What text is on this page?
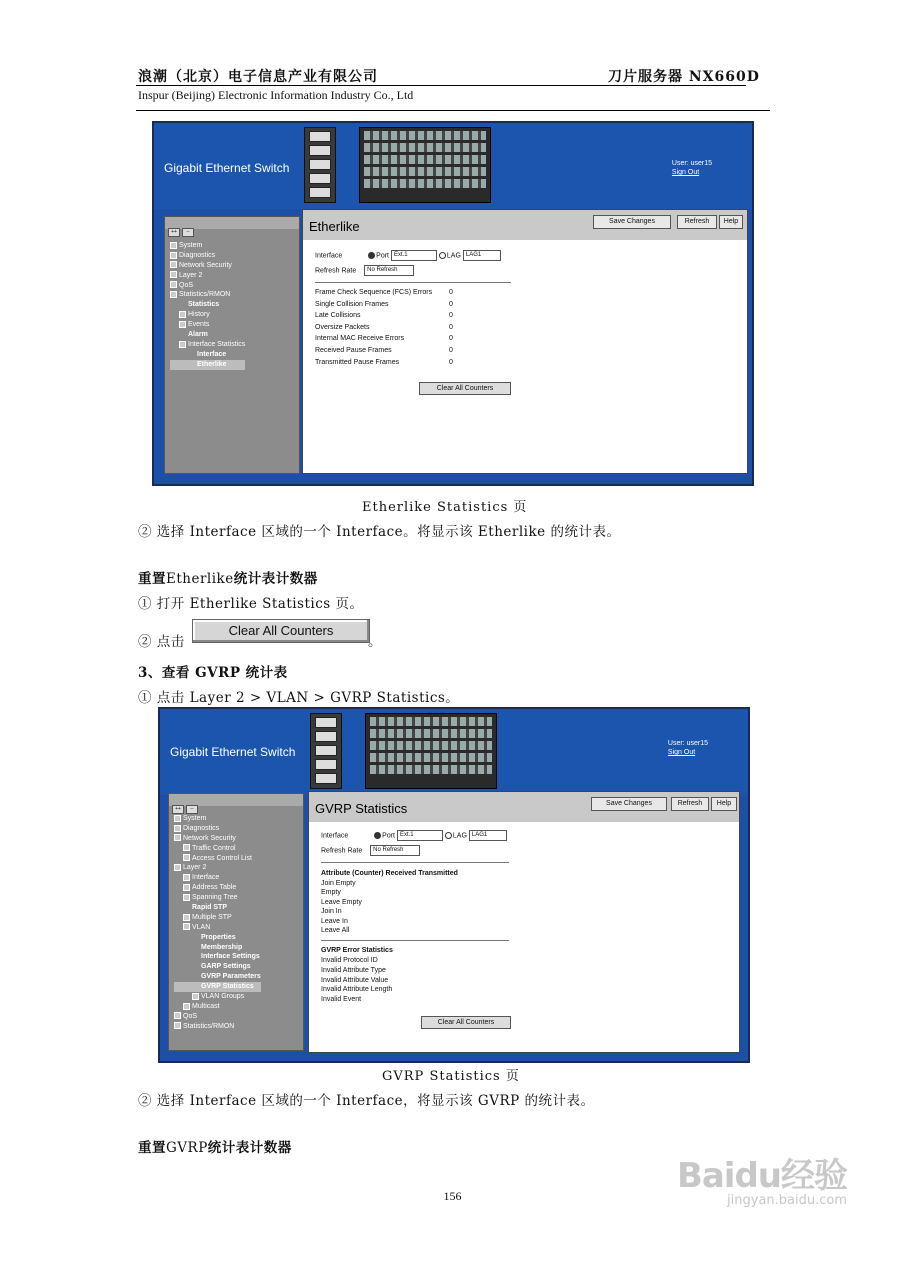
浪潮（北京）电子信息产业有限公司	刀片服务器 NX660D
Inspur (Beijing) Electronic Information Industry Co., Ltd
Gigabit Ethernet Switch	User: user15
Sign Out
++ --
System
Diagnostics
Network Security
Layer 2
QoS
Statistics/RMON
Statistics
History
Events
Alarm
Interface Statistics
Interface
Etherlike
Etherlike	Save Changes	Refresh	Help
Interface	Port Ext.1	LAG LAG1
Refresh Rate No Refresh
Frame Check Sequence (FCS) Errors 0
Single Collision Frames	0
Late Collisions	0
Oversize Packets	0
Internal MAC Receive Errors	0
Received Pause Frames	0
Transmitted Pause Frames	0
Clear All Counters
Etherlike Statistics 页
② 选择 Interface 区域的一个 Interface。将显示该 Etherlike 的统计表。
重置Etherlike统计表计数器
① 打开 Etherlike Statistics 页。
② 点击
Clear All Counters
。
3、查看 GVRP 统计表
① 点击 Layer 2 > VLAN > GVRP Statistics。
Gigabit Ethernet Switch
User: user15
Sign Out
++ --
System
Diagnostics
Network Security
Traffic Control
Access Control List
Layer 2
Interface
Address Table
Spanning Tree
Rapid STP
Multiple STP
VLAN
Properties
Membership
Interface Settings
GARP Settings
GVRP Parameters
GVRP Statistics
VLAN Groups
Multicast
QoS
Statistics/RMON
GVRP Statistics	Save Changes	Refresh	Help
Interface	Port Ext.1	LAG LAG1
Refresh Rate No Refresh
Attribute (Counter) Received Transmitted
Join Empty
Empty
Leave Empty
Join In
Leave In
Leave All
GVRP Error Statistics
Invalid Protocol ID
Invalid Attribute Type
Invalid Attribute Value
Invalid Attribute Length
Invalid Event
Clear All Counters
GVRP Statistics 页
② 选择 Interface 区域的一个 Interface，将显示该 GVRP 的统计表。
重置GVRP统计表计数器
156	Baidu经验
jingyan.baidu.com
